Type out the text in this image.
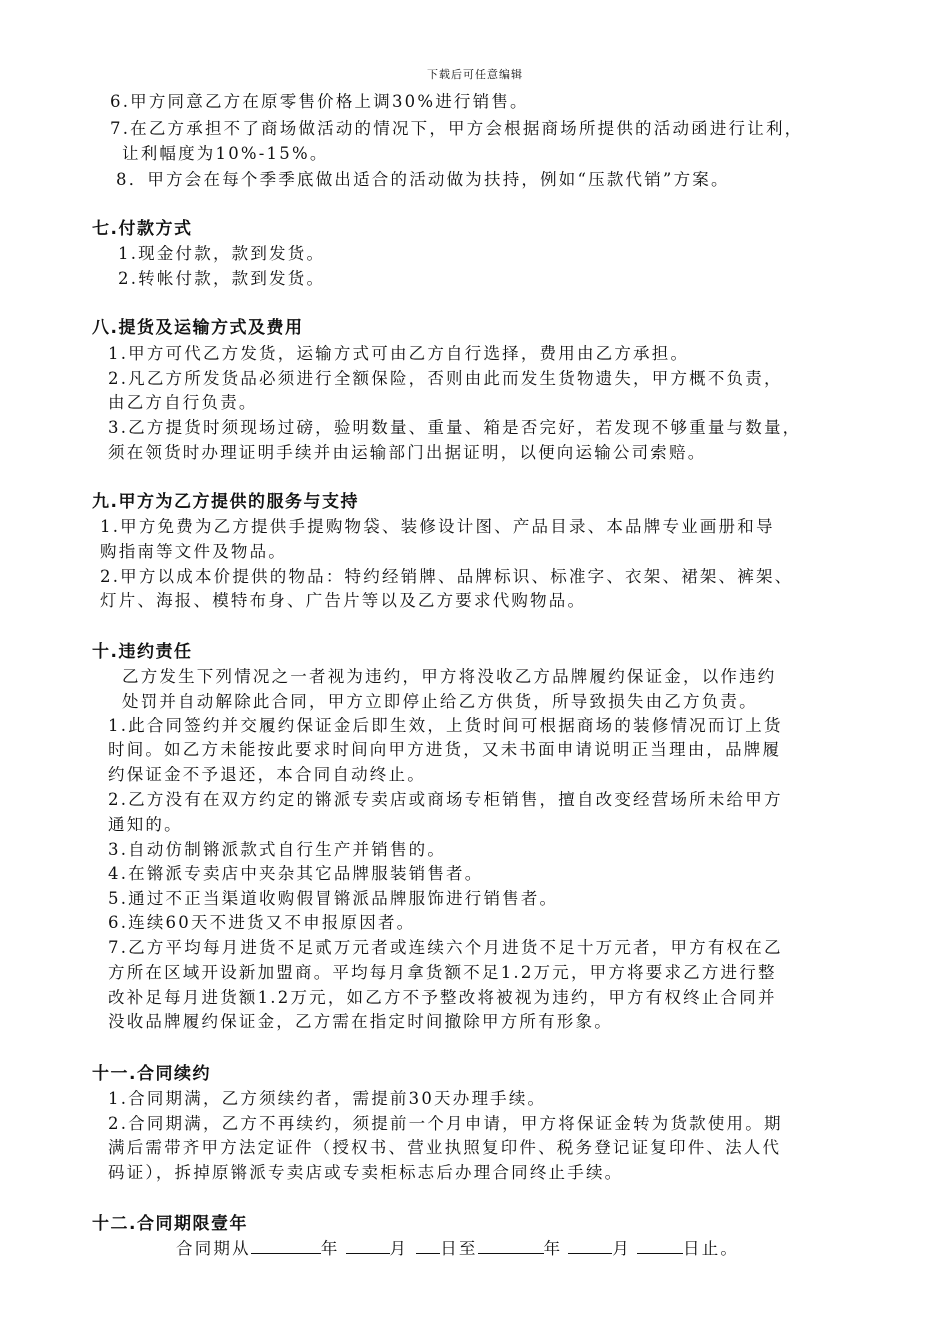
下载后可任意编辑
6.甲方同意乙方在原零售价格上调30%进行销售。
7.在乙方承担不了商场做活动的情况下，甲方会根据商场所提供的活动函进行让利，
让利幅度为10%-15%。
8．甲方会在每个季季底做出适合的活动做为扶持，例如“压款代销”方案。
七.付款方式
1.现金付款，款到发货。
2.转帐付款，款到发货。
八.提货及运输方式及费用
1.甲方可代乙方发货，运输方式可由乙方自行选择，费用由乙方承担。
2.凡乙方所发货品必须进行全额保险，否则由此而发生货物遗失，甲方概不负责，
由乙方自行负责。
3.乙方提货时须现场过磅，验明数量、重量、箱是否完好，若发现不够重量与数量，
须在领货时办理证明手续并由运输部门出据证明，以便向运输公司索赔。
九.甲方为乙方提供的服务与支持
1.甲方免费为乙方提供手提购物袋、装修设计图、产品目录、本品牌专业画册和导
购指南等文件及物品。
2.甲方以成本价提供的物品：特约经销牌、品牌标识、标准字、衣架、裙架、裤架、
灯片、海报、模特布身、广告片等以及乙方要求代购物品。
十.违约责任
乙方发生下列情况之一者视为违约，甲方将没收乙方品牌履约保证金，以作违约
处罚并自动解除此合同，甲方立即停止给乙方供货，所导致损失由乙方负责。
1.此合同签约并交履约保证金后即生效，上货时间可根据商场的装修情况而订上货
时间。如乙方未能按此要求时间向甲方进货，又未书面申请说明正当理由，品牌履
约保证金不予退还，本合同自动终止。
2.乙方没有在双方约定的锵派专卖店或商场专柜销售，擅自改变经营场所未给甲方
通知的。
3.自动仿制锵派款式自行生产并销售的。
4.在锵派专卖店中夹杂其它品牌服装销售者。
5.通过不正当渠道收购假冒锵派品牌服饰进行销售者。
6.连续60天不进货又不申报原因者。
7.乙方平均每月进货不足贰万元者或连续六个月进货不足十万元者，甲方有权在乙
方所在区域开设新加盟商。平均每月拿货额不足1.2万元，甲方将要求乙方进行整
改补足每月进货额1.2万元，如乙方不予整改将被视为违约，甲方有权终止合同并
没收品牌履约保证金，乙方需在指定时间撤除甲方所有形象。
十一.合同续约
1.合同期满，乙方须续约者，需提前30天办理手续。
2.合同期满，乙方不再续约，须提前一个月申请，甲方将保证金转为货款使用。期
满后需带齐甲方法定证件（授权书、营业执照复印件、税务登记证复印件、法人代
码证），拆掉原锵派专卖店或专卖柜标志后办理合同终止手续。
十二.合同期限壹年
合同期从	年	月 日至	年	月	日止。
